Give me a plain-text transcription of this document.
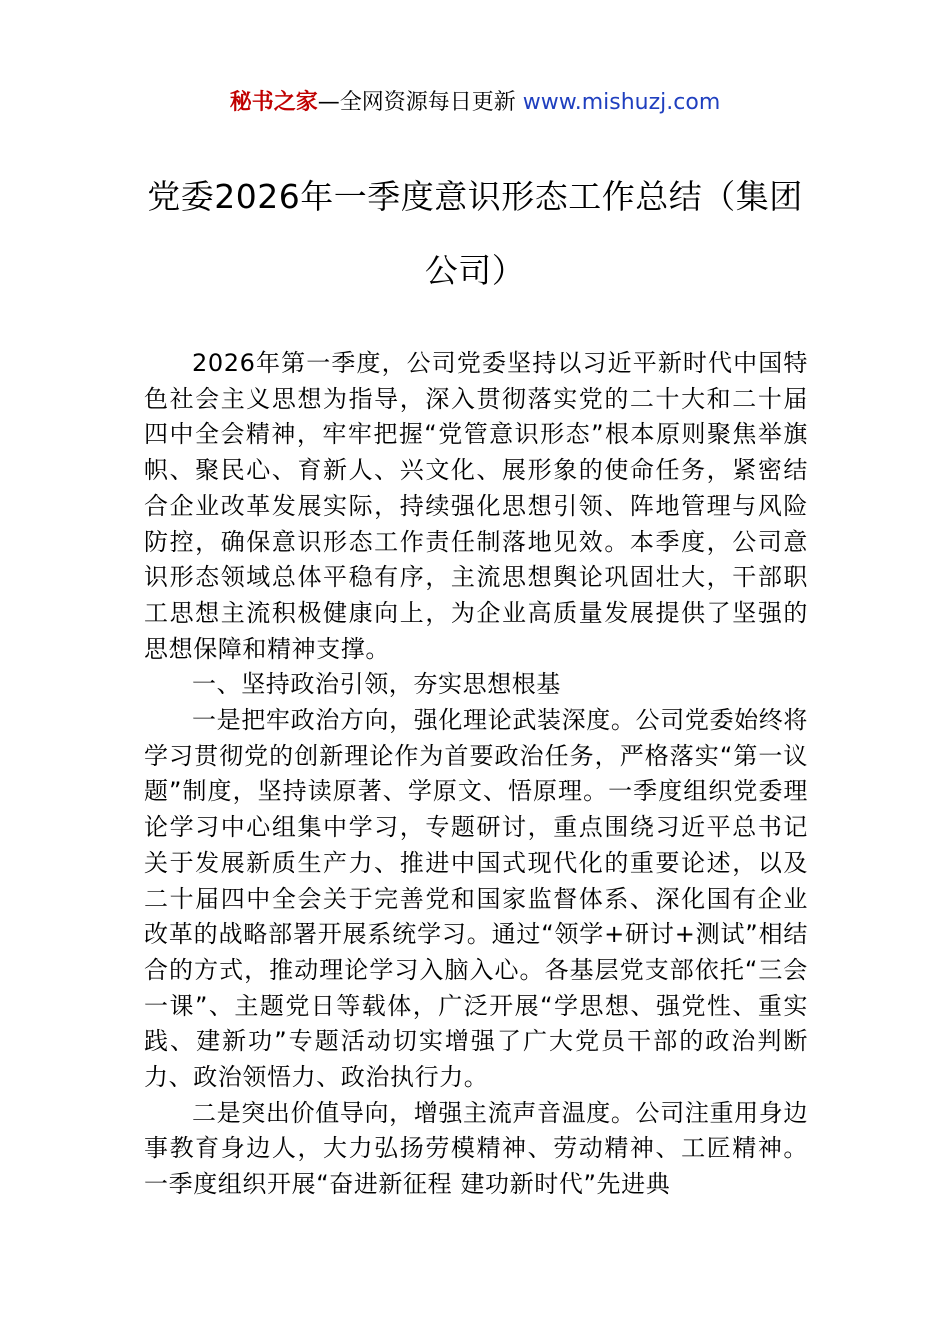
秘书之家—全网资源每日更新 www.mishuzj.com
党委2026年一季度意识形态工作总结（集团公司）

2026年第一季度，公司党委坚持以习近平新时代中国特色社会主义思想为指导，深入贯彻落实党的二十大和二十届四中全会精神，牢牢把握“党管意识形态”根本原则聚焦举旗帜、聚民心、育新人、兴文化、展形象的使命任务，紧密结合企业改革发展实际，持续强化思想引领、阵地管理与风险防控，确保意识形态工作责任制落地见效。本季度，公司意识形态领域总体平稳有序，主流思想舆论巩固壮大，干部职工思想主流积极健康向上，为企业高质量发展提供了坚强的思想保障和精神支撑。

一、坚持政治引领，夯实思想根基

一是把牢政治方向，强化理论武装深度。公司党委始终将学习贯彻党的创新理论作为首要政治任务，严格落实“第一议题”制度，坚持读原著、学原文、悟原理。一季度组织党委理论学习中心组集中学习，专题研讨，重点围绕习近平总书记关于发展新质生产力、推进中国式现代化的重要论述，以及二十届四中全会关于完善党和国家监督体系、深化国有企业改革的战略部署开展系统学习。通过“领学+研讨+测试”相结合的方式，推动理论学习入脑入心。各基层党支部依托“三会一课”、主题党日等载体，广泛开展“学思想、强党性、重实践、建新功”专题活动切实增强了广大党员干部的政治判断力、政治领悟力、政治执行力。

二是突出价值导向，增强主流声音温度。公司注重用身边事教育身边人，大力弘扬劳模精神、劳动精神、工匠精神。一季度组织开展“奋进新征程 建功新时代”先进典
